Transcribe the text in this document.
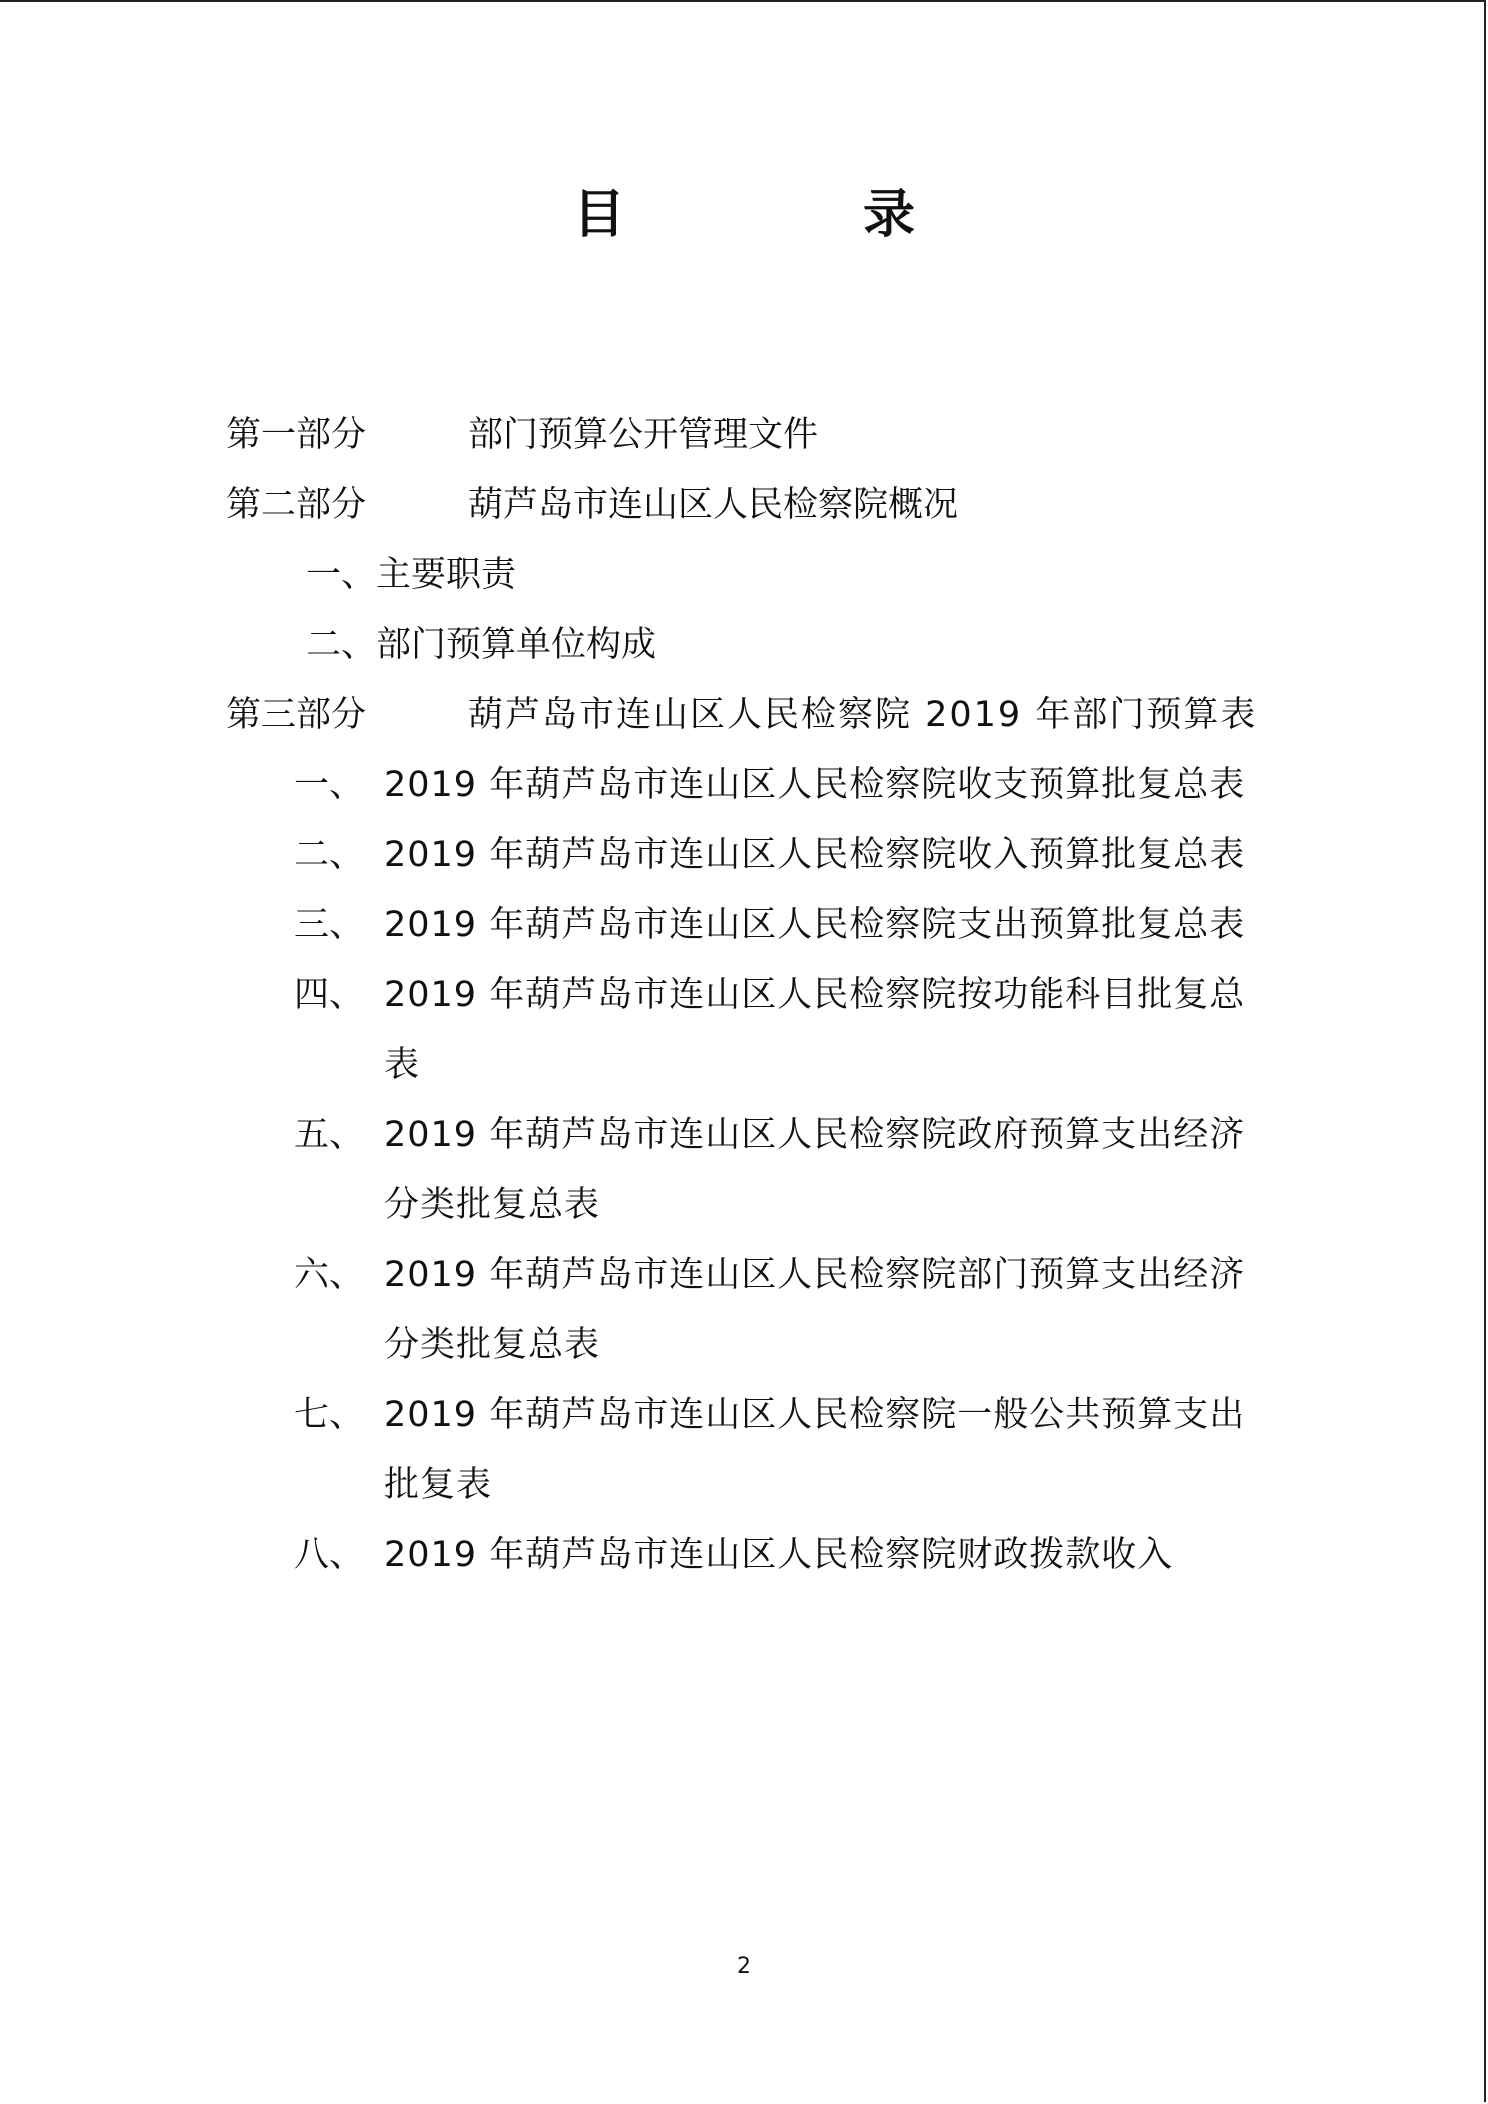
目 录
第一部分	部门预算公开管理文件
第二部分	葫芦岛市连山区人民检察院概况
一、主要职责
二、部门预算单位构成
第三部分	葫芦岛市连山区人民检察院 2019 年部门预算表
一、 2019 年葫芦岛市连山区人民检察院收支预算批复总表
二、 2019 年葫芦岛市连山区人民检察院收入预算批复总表
三、 2019 年葫芦岛市连山区人民检察院支出预算批复总表
四、 2019 年葫芦岛市连山区人民检察院按功能科目批复总表
五、 2019 年葫芦岛市连山区人民检察院政府预算支出经济分类批复总表
六、 2019 年葫芦岛市连山区人民检察院部门预算支出经济分类批复总表
七、 2019 年葫芦岛市连山区人民检察院一般公共预算支出批复表
八、 2019 年葫芦岛市连山区人民检察院财政拨款收入
2
